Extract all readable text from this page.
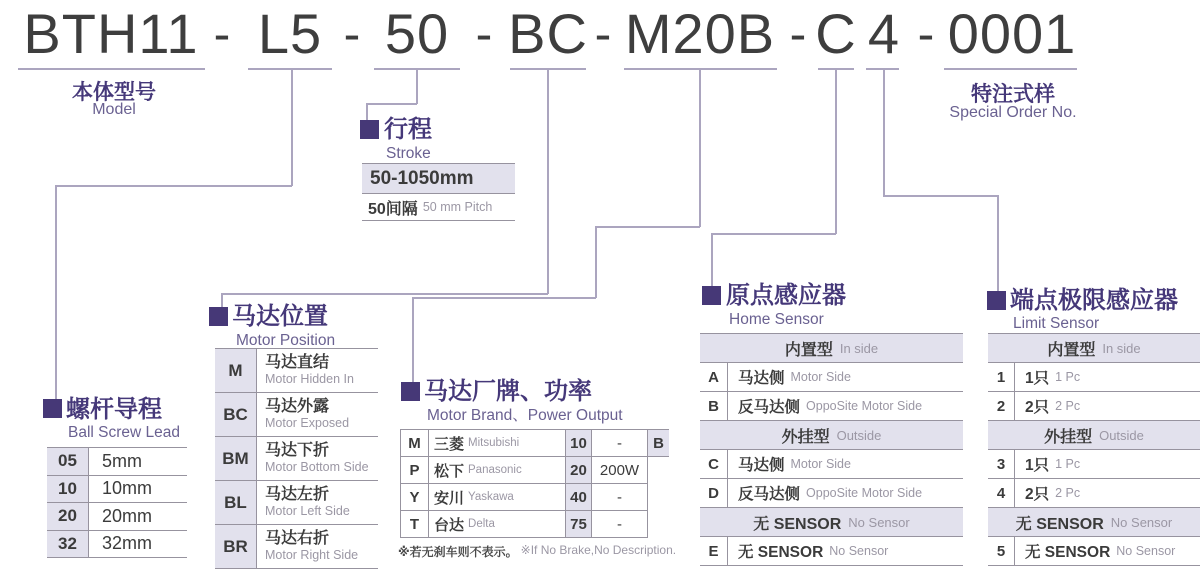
BTH11 - L5 - 50 - BC - M20B - C 4 - 0001
本体型号
Model
特注式样
Special Order No.
行程
Stroke
50-1050mm
50间隔 50 mm Pitch
螺杆导程
Ball Screw Lead
05	5mm
10	10mm
20	20mm
32	32mm
马达位置
Motor Position
M	马达直结
Motor Hidden In
BC	马达外露
Motor Exposed
BM	马达下折
Motor Bottom Side
BL	马达左折
Motor Left Side
BR	马达右折
Motor Right Side
马达厂牌、功率
Motor Brand、Power Output
M 三菱 Mitsubishi	10	-	B
P 松下 Panasonic	20 200W
Y 安川 Yaskawa	40	-
T 台达 Delta	75	-
※若无刹车则不表示。 ※If No Brake,No Description.
原点感应器
Home Sensor
内置型 In side
A	马达侧 Motor Side
B	反马达侧 OppoSite Motor Side
外挂型 Outside
C	马达侧 Motor Side
D	反马达侧 OppoSite Motor Side
无 SENSOR No Sensor
E	无 SENSOR No Sensor
端点极限感应器
Limit Sensor
内置型 In side
1	1只 1 Pc
2	2只 2 Pc
外挂型 Outside
3	1只 1 Pc
4	2只 2 Pc
无 SENSOR No Sensor
5	无 SENSOR No Sensor
